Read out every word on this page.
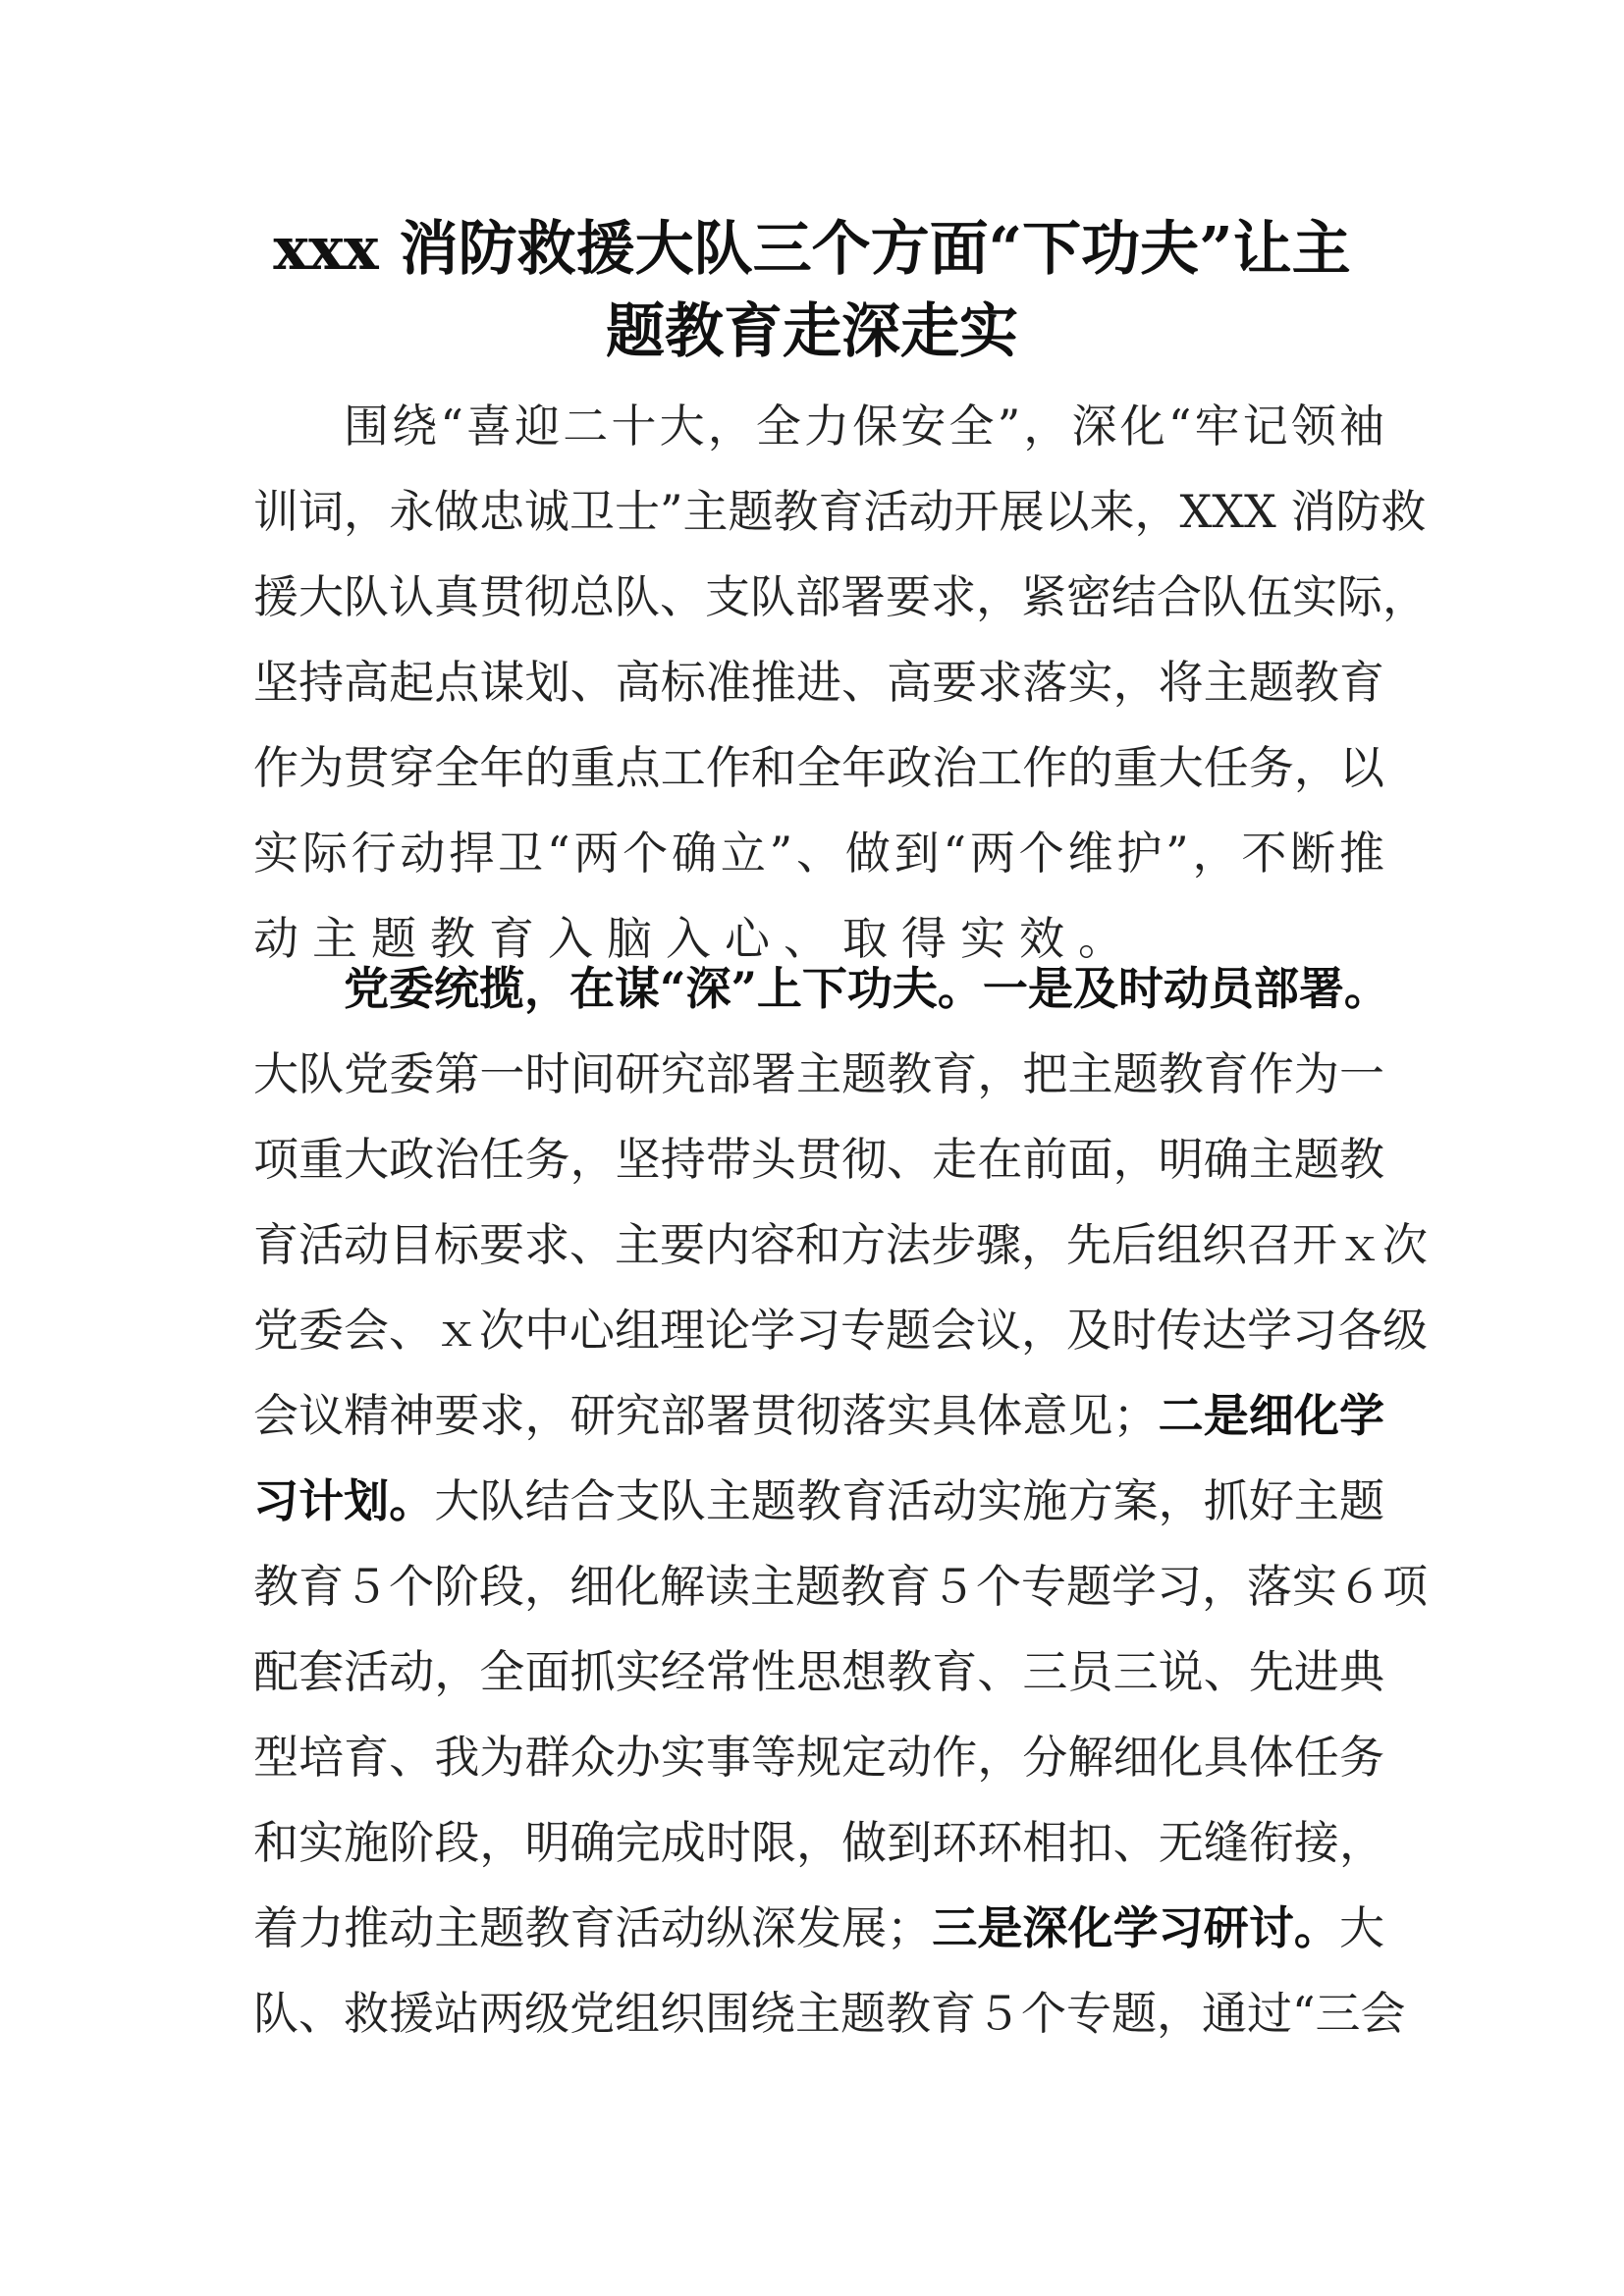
xxx 消防救援大队三个方面“下功夫”让主
题教育走深走实
围绕“喜迎二十大，全力保安全”，深化“牢记领袖
训词，永做忠诚卫士”主题教育活动开展以来，XXX 消防救
援大队认真贯彻总队、支队部署要求，紧密结合队伍实际，
坚持高起点谋划、高标准推进、高要求落实，将主题教育
作为贯穿全年的重点工作和全年政治工作的重大任务，以
实际行动捍卫“两个确立”、做到“两个维护”，不断推
动主题教育入脑入心、取得实效。
党委统揽，在谋“深”上下功夫。一是及时动员部署。
大队党委第一时间研究部署主题教育，把主题教育作为一
项重大政治任务，坚持带头贯彻、走在前面，明确主题教
育活动目标要求、主要内容和方法步骤，先后组织召开ｘ次
党委会、ｘ次中心组理论学习专题会议，及时传达学习各级
会议精神要求，研究部署贯彻落实具体意见；二是细化学
习计划。大队结合支队主题教育活动实施方案，抓好主题
教育５个阶段，细化解读主题教育５个专题学习，落实６项
配套活动，全面抓实经常性思想教育、三员三说、先进典
型培育、我为群众办实事等规定动作，分解细化具体任务
和实施阶段，明确完成时限，做到环环相扣、无缝衔接，
着力推动主题教育活动纵深发展；三是深化学习研讨。大
队、救援站两级党组织围绕主题教育５个专题，通过“三会
